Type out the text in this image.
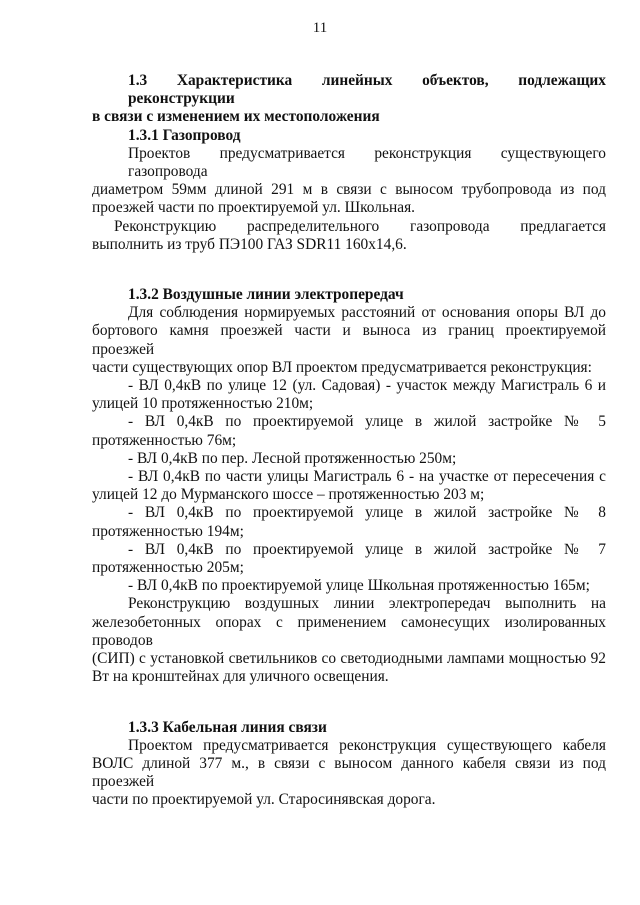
11
1.3 Характеристика линейных объектов, подлежащих реконструкции
в связи с изменением их местоположения
1.3.1 Газопровод
Проектов предусматривается реконструкция существующего газопровода
диаметром 59мм длиной 291 м в связи с выносом трубопровода из под
проезжей части по проектируемой ул. Школьная.
Реконструкцию распределительного газопровода предлагается
выполнить из труб ПЭ100 ГАЗ SDR11 160х14,6.
1.3.2 Воздушные линии электропередач
Для соблюдения нормируемых расстояний от основания опоры ВЛ до
бортового камня проезжей части и выноса из границ проектируемой проезжей
части существующих опор ВЛ проектом предусматривается реконструкция:
- ВЛ 0,4кВ по улице 12 (ул. Садовая) - участок между Магистраль 6 и
улицей 10 протяженностью 210м;
- ВЛ 0,4кВ по проектируемой улице в жилой застройке № 5
протяженностью 76м;
- ВЛ 0,4кВ по пер. Лесной протяженностью 250м;
- ВЛ 0,4кВ по части улицы Магистраль 6 - на участке от пересечения с
улицей 12 до Мурманского шоссе – протяженностью 203 м;
- ВЛ 0,4кВ по проектируемой улице в жилой застройке № 8
протяженностью 194м;
- ВЛ 0,4кВ по проектируемой улице в жилой застройке № 7
протяженностью 205м;
- ВЛ 0,4кВ по проектируемой улице Школьная протяженностью 165м;
Реконструкцию воздушных линии электропередач выполнить на
железобетонных опорах с применением самонесущих изолированных проводов
(СИП) с установкой светильников со светодиодными лампами мощностью 92
Вт на кронштейнах для уличного освещения.
1.3.3 Кабельная линия связи
Проектом предусматривается реконструкция существующего кабеля
ВОЛС длиной 377 м., в связи с выносом данного кабеля связи из под проезжей
части по проектируемой ул. Старосинявская дорога.
